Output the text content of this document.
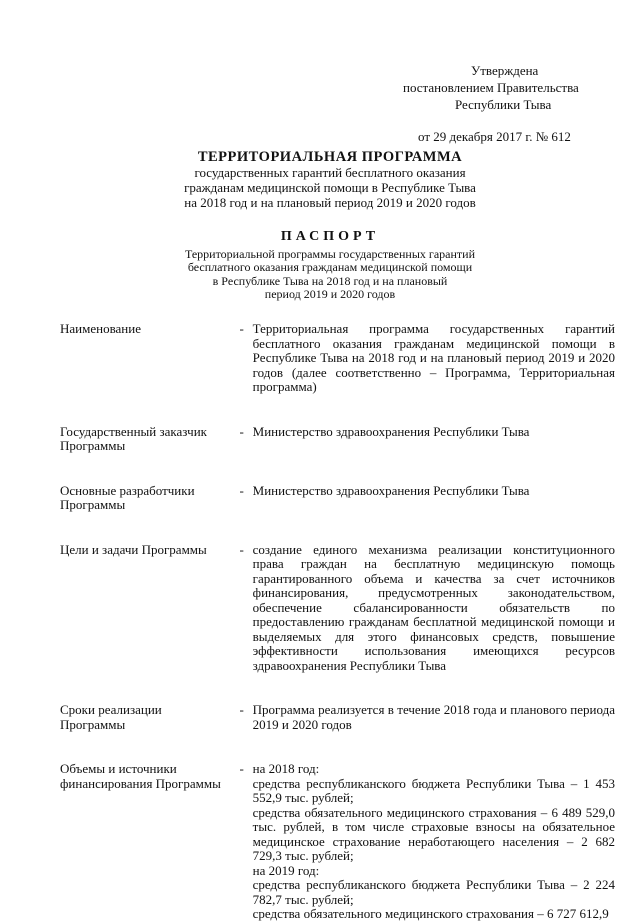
Утверждена
постановлением Правительства
Республики Тыва
от 29 декабря 2017 г. № 612
ТЕРРИТОРИАЛЬНАЯ ПРОГРАММА
государственных гарантий бесплатного оказания
гражданам медицинской помощи в Республике Тыва
на 2018 год и на плановый период 2019 и 2020 годов
ПАСПОРТ
Территориальной программы государственных гарантий
бесплатного оказания гражданам медицинской помощи
в Республике Тыва на 2018 год и на плановый
период 2019 и 2020 годов
Наименование	- Территориальная программа государственных гарантий бесплатного оказания гражданам медицинской помощи в Республике Тыва на 2018 год и на плановый период 2019 и 2020 годов (далее соответственно – Программа, Территориальная программа)
Государственный заказчик Программы
- Министерство здравоохранения Республики Тыва
Основные разработчики Программы
- Министерство здравоохранения Республики Тыва
Цели и задачи Программы	- создание единого механизма реализации конституционного права граждан на бесплатную медицинскую помощь гарантированного объема и качества за счет источников финансирования, предусмотренных законодательством, обеспечение сбалансированности обязательств по предоставлению гражданам бесплатной медицинской помощи и выделяемых для этого финансовых средств, повышение эффективности использования имеющихся ресурсов здравоохранения Республики Тыва
Сроки реализации Программы
- Программа реализуется в течение 2018 года и планового периода 2019 и 2020 годов
Объемы и источники финансирования Программы
- на 2018 год:

средства республиканского бюджета Республики Тыва – 1 453 552,9 тыс. рублей;

средства обязательного медицинского страхования – 6 489 529,0 тыс. рублей, в том числе страховые взносы на обязательное медицинское страхование неработающего населения – 2 682 729,3 тыс. рублей;

на 2019 год:

средства республиканского бюджета Республики Тыва – 2 224 782,7 тыс. рублей;

средства обязательного медицинского страхования – 6 727 612,9
